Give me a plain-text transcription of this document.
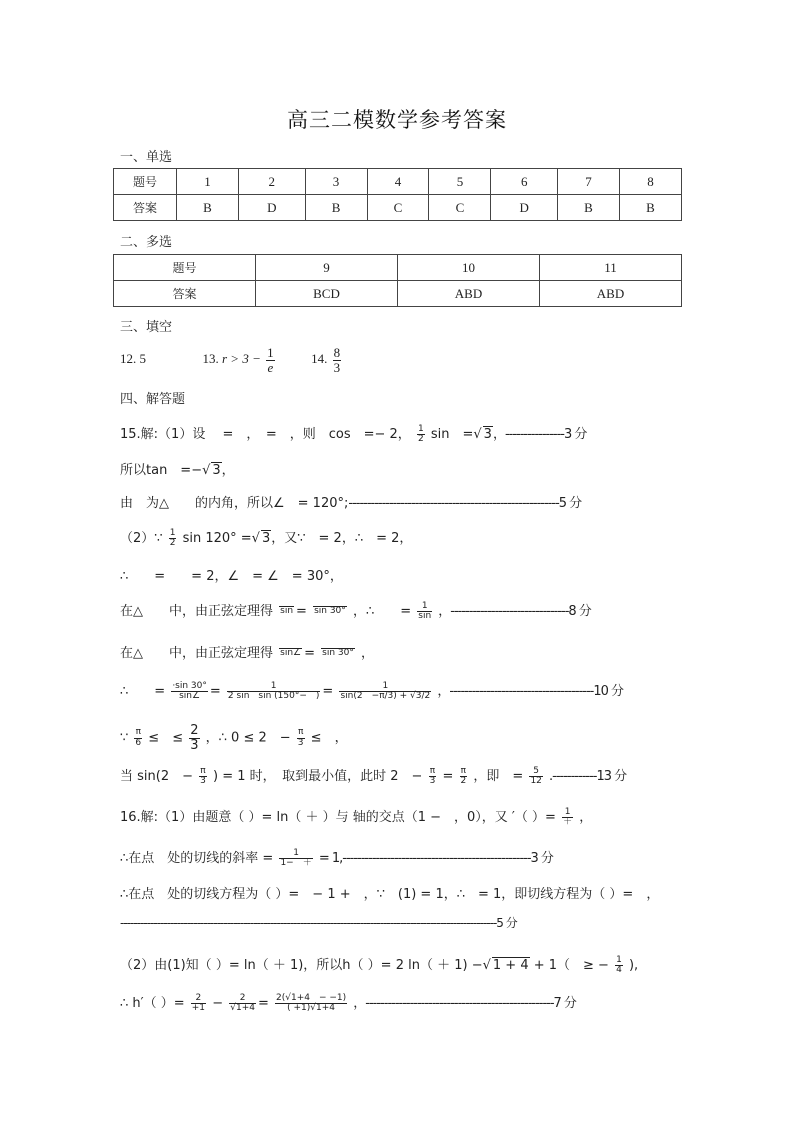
高三二模数学参考答案
一、单选
题号	1	2	3	4	5	6	7	8
答案	B	D	B	C	C	D	B	B
二、多选
题号	9	10	11
答案	BCD	ABD	ABD
三、填空
12. 5	13. $r > 3 - \frac{1}{e}$	14. $\frac{8}{3}$
四、解答题
15.解:（1）设 　=　，　=　，则　cos　=− 2， $\frac{1}{2}$ sin　=√ 3，----------------3 分
所以tan　=−√ 3，
由　为△　　的内角，所以∠　= 120°;---------------------------------------------------------5 分
（2）∵ $\frac{1}{2}$ sin 120° =√ 3，又∵　= 2，∴　= 2，
∴　　=　　= 2，∠　= ∠　= 30°，
在△　　中，由正弦定理得 sin = sin 30° ，∴　　= $\frac{1}{\sin}$ ，--------------------------------8 分
在△　　中，由正弦定理得 sin∠ = sin 30° ，
∴　　= $\frac{\cdot\sin 30^\circ}{\sin\angle} = \frac{1}{\text{2 sin　sin (150°−　)}} = \frac{1}{\sin(2 -\pi/3) + √3/2}$ ，---------------------------------------10 分
∵ $\frac{\pi}{6}$ ≤　≤ $\frac{2}{3}$ ，∴ 0 ≤ 2　− $\frac{\pi}{3}$ ≤　，
当 sin(2　− $\frac{\pi}{3}$ ) = 1 时，　取到最小值，此时 2　− $\frac{\pi}{3} = \frac{\pi}{2}$ ，即　= $\frac{5}{12} .------------13$ 分
16.解:（1）由题意（ ）= ln（ ＋ ）与 轴的交点（1 −　，0），又 ′（ ）= $\frac{1}{+}$ ，
∴在点　处的切线的斜率 = $\frac{1}{1- +} = 1,---------------------------------------------------3$ 分
∴在点　处的切线方程为（ ）=　− 1 +　，∵　(1) = 1，∴　= 1，即切线方程为（ ）=　，
-----------------------------------------------------------------------------------------------------------------5 分
（2）由(1)知（ ）= ln（ ＋ 1)，所以h（ ）= 2 ln（ ＋ 1) −√ 1 + 4 + 1（　≥ − $\frac{1}{4}$ ),
∴ h′（ ）= $\frac{2}{+1} - \frac{2}{√1+4} = \frac{2(√1+4 - -1)}{( +1)√1+4}$ ，---------------------------------------------------7 分
